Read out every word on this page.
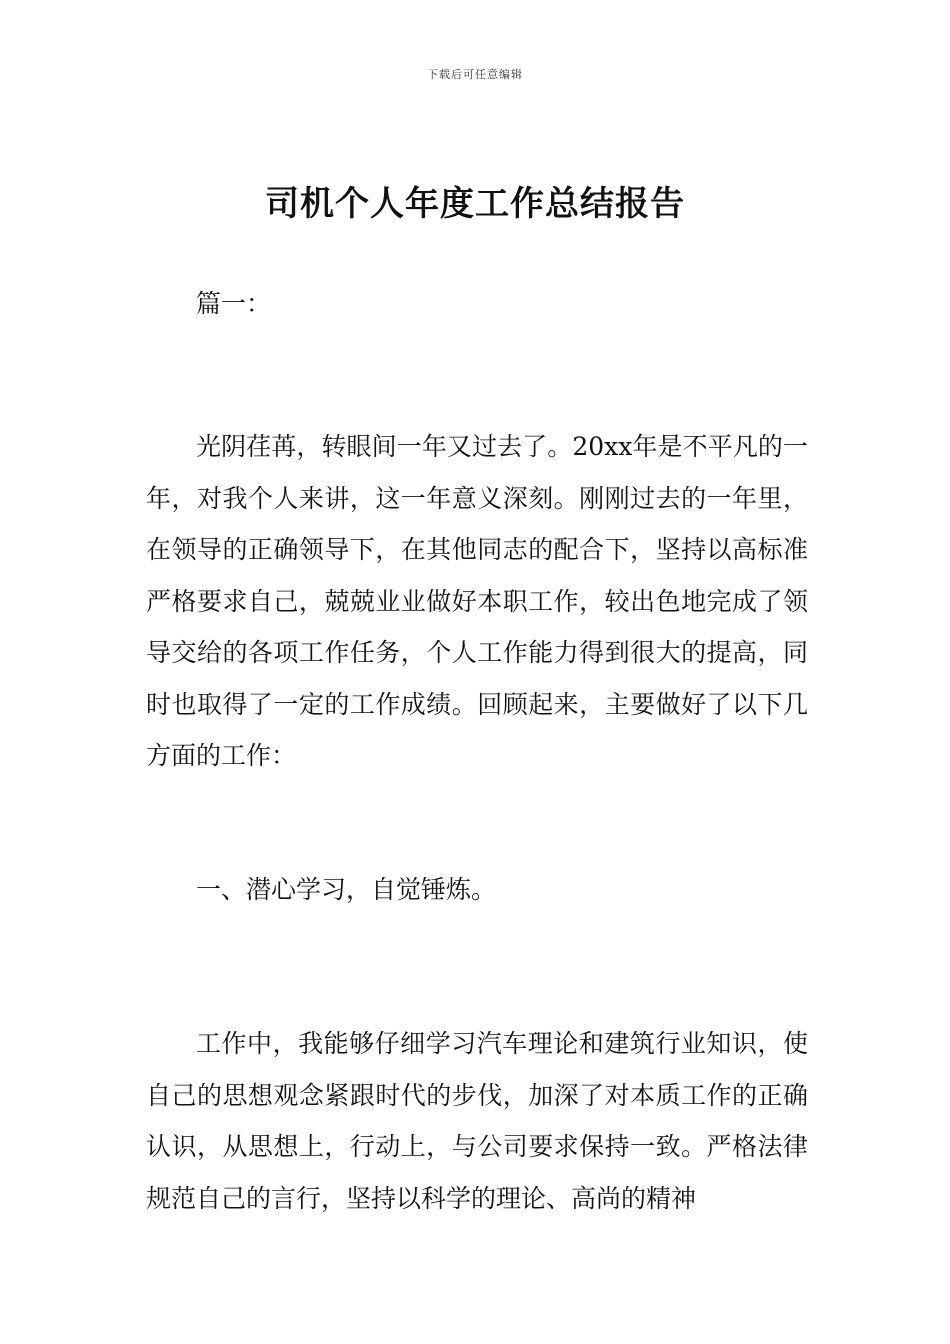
下载后可任意编辑
司机个人年度工作总结报告

篇一：

光阴荏苒，转眼间一年又过去了。20xx年是不平凡的一年，对我个人来讲，这一年意义深刻。刚刚过去的一年里，在领导的正确领导下，在其他同志的配合下，坚持以高标准严格要求自己，兢兢业业做好本职工作，较出色地完成了领导交给的各项工作任务，个人工作能力得到很大的提高，同时也取得了一定的工作成绩。回顾起来，主要做好了以下几方面的工作：

一、潜心学习，自觉锤炼。

工作中，我能够仔细学习汽车理论和建筑行业知识，使自己的思想观念紧跟时代的步伐，加深了对本质工作的正确认识，从思想上，行动上，与公司要求保持一致。严格法律规范自己的言行，坚持以科学的理论、高尚的精神
